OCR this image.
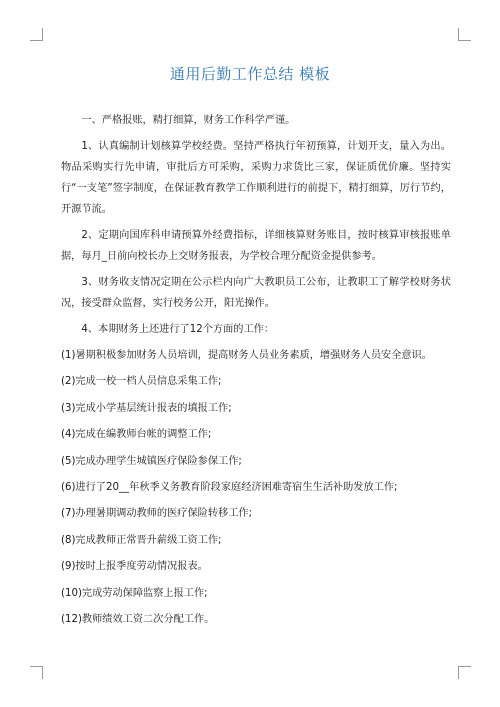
通用后勤工作总结 模板

一、严格报账，精打细算，财务工作科学严谨。

1、认真编制计划核算学校经费。坚持严格执行年初预算，计划开支，量入为出。物品采购实行先申请，审批后方可采购，采购力求货比三家，保证质优价廉。坚持实行“一支笔”签字制度，在保证教育教学工作顺利进行的前提下，精打细算，厉行节约，开源节流。

2、定期向国库科申请预算外经费指标，详细核算财务账目，按时核算审核报账单据，每月_日前向校长办上交财务报表，为学校合理分配资金提供参考。

3、财务收支情况定期在公示栏内向广大教职员工公布，让教职工了解学校财务状况，接受群众监督，实行校务公开，阳光操作。

4、本期财务上还进行了12个方面的工作：

(1)暑期积极参加财务人员培训，提高财务人员业务素质，增强财务人员安全意识。

(2)完成一校一档人员信息采集工作;

(3)完成小学基层统计报表的填报工作;

(4)完成在编教师台帐的调整工作;

(5)完成办理学生城镇医疗保险参保工作;

(6)进行了20__年秋季义务教育阶段家庭经济困难寄宿生生活补助发放工作;

(7)办理暑期调动教师的医疗保险转移工作;

(8)完成教师正常晋升薪级工资工作;

(9)按时上报季度劳动情况报表。

(10)完成劳动保障监察上报工作;

(12)教师绩效工资二次分配工作。
